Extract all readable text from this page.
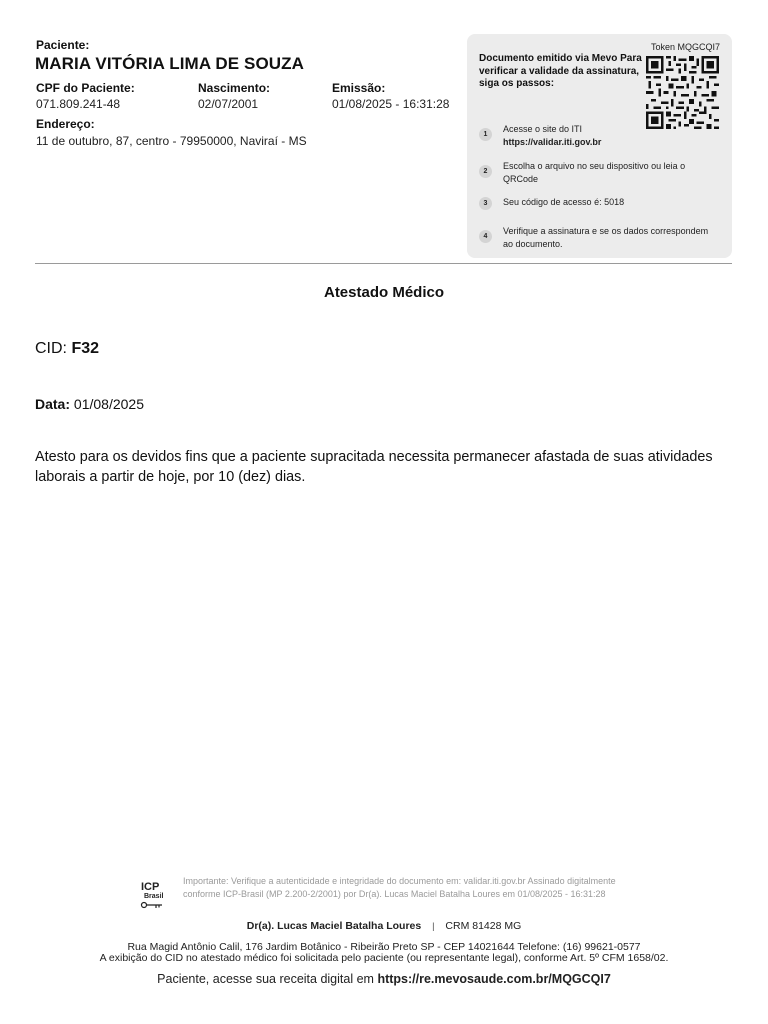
Paciente:
MARIA VITÓRIA LIMA DE SOUZA
CPF do Paciente:
071.809.241-48
Nascimento:
02/07/2001
Emissão:
01/08/2025 - 16:31:28
Endereço:
11 de outubro, 87, centro - 79950000, Naviraí - MS
Token MQGCQI7
Documento emitido via Mevo Para verificar a validade da assinatura, siga os passos:
1
Acesse o site do ITI
https://validar.iti.gov.br
2
Escolha o arquivo no seu dispositivo ou leia o QRCode
3	Seu código de acesso é: 5018
4
Verifique a assinatura e se os dados correspondem ao documento.
Atestado Médico
CID: F32
Data: 01/08/2025
Atesto para os devidos fins que a paciente supracitada necessita permanecer afastada de suas atividades laborais a partir de hoje, por 10 (dez) dias.
ICP
Brasil
Importante: Verifique a autenticidade e integridade do documento em: validar.iti.gov.br Assinado digitalmente conforme ICP-Brasil (MP 2.200-2/2001) por Dr(a). Lucas Maciel Batalha Loures em 01/08/2025 - 16:31:28
Dr(a). Lucas Maciel Batalha Loures | CRM 81428 MG
Rua Magid Antônio Calil, 176 Jardim Botânico - Ribeirão Preto SP - CEP 14021644 Telefone: (16) 99621-0577
A exibição do CID no atestado médico foi solicitada pelo paciente (ou representante legal), conforme Art. 5º CFM 1658/02.
Paciente, acesse sua receita digital em https://re.mevosaude.com.br/MQGCQI7
